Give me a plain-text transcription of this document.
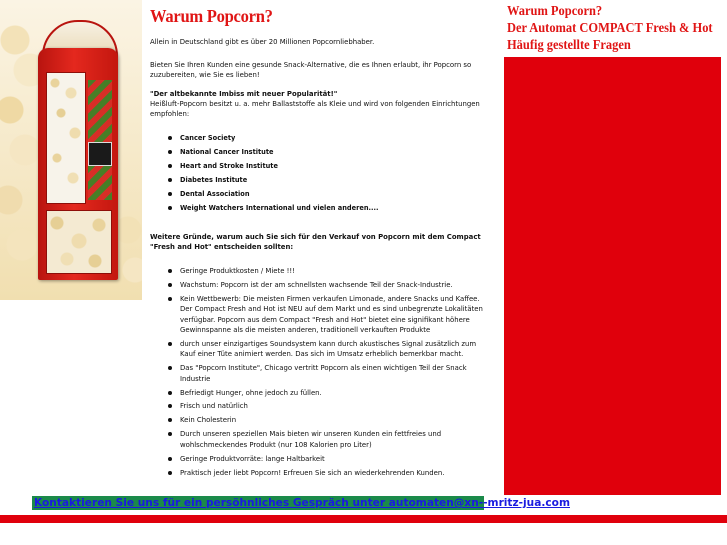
Warum Popcorn?

Allein in Deutschland gibt es über 20 Millionen Popcornliebhaber.

Bieten Sie Ihren Kunden eine gesunde Snack-Alternative, die es Ihnen erlaubt, ihr Popcorn so zuzubereiten, wie Sie es lieben!

"Der altbekannte Imbiss mit neuer Popularität!"

Heißluft-Popcorn besitzt u. a. mehr Ballaststoffe als Kleie und wird von folgenden Einrichtungen empfohlen:

Cancer Society
National Cancer Institute
Heart and Stroke Institute
Diabetes Institute
Dental Association
Weight Watchers International und vielen anderen....

Weitere Gründe, warum auch Sie sich für den Verkauf von Popcorn mit dem Compact "Fresh and Hot" entscheiden sollten:

Geringe Produktkosten / Miete !!!
Wachstum: Popcorn ist der am schnellsten wachsende Teil der Snack-Industrie.
Kein Wettbewerb: Die meisten Firmen verkaufen Limonade, andere Snacks und Kaffee. Der Compact Fresh and Hot ist NEU auf dem Markt und es sind unbegrenzte Lokalitäten verfügbar. Popcorn aus dem Compact "Fresh and Hot" bietet eine signifikant höhere Gewinnspanne als die meisten anderen, traditionell verkauften Produkte
durch unser einzigartiges Soundsystem kann durch akustisches Signal zusätzlich zum Kauf einer Tüte animiert werden. Das sich im Umsatz erheblich bemerkbar macht.
Das "Popcorn Institute", Chicago vertritt Popcorn als einen wichtigen Teil der Snack Industrie
Befriedigt Hunger, ohne jedoch zu füllen.
Frisch und natürlich
Kein Cholesterin
Durch unseren speziellen Mais bieten wir unseren Kunden ein fettfreies und wohlschmeckendes Produkt (nur 108 Kalorien pro Liter)
Geringe Produktvorräte: lange Haltbarkeit
Praktisch jeder liebt Popcorn! Erfreuen Sie sich an wiederkehrenden Kunden.
Kontaktieren Sie uns für ein persöhnliches Gespräch unter automaten@xn--mritz-jua.com
Warum Popcorn?
Der Automat COMPACT Fresh & Hot
Häufig gestellte Fragen
